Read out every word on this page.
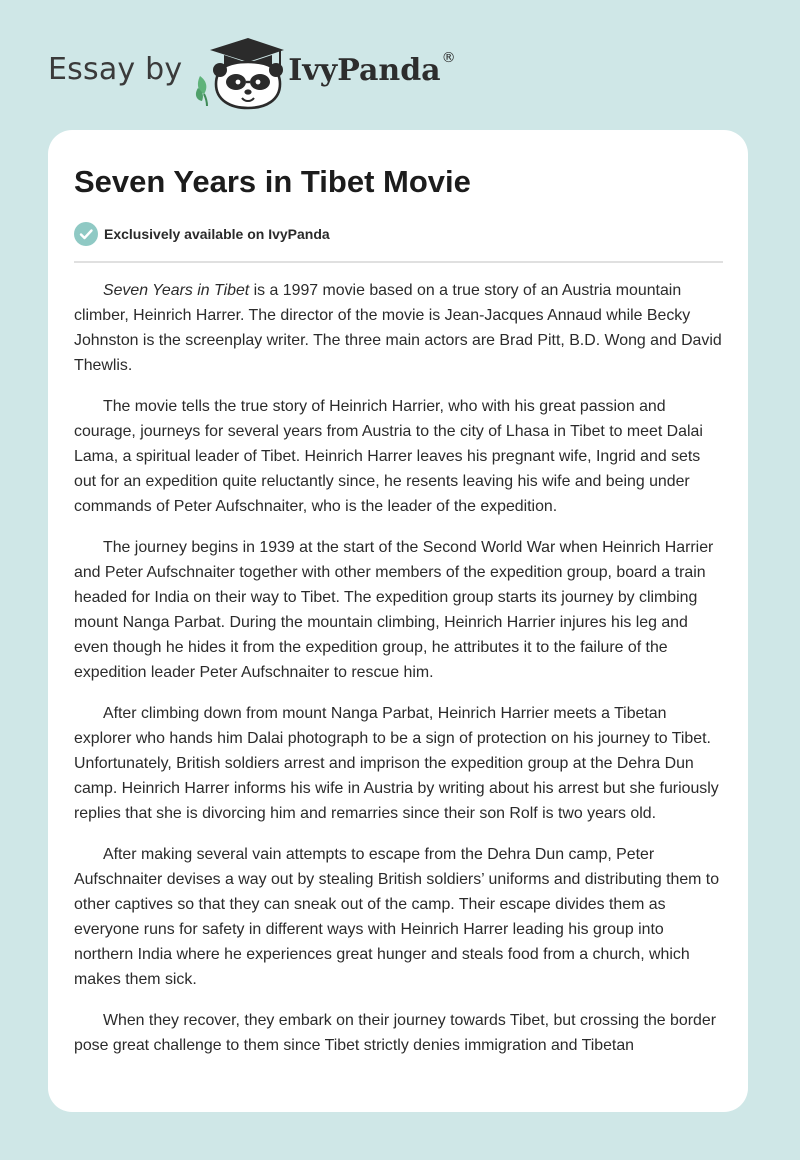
Essay by	IvyPanda ®
Seven Years in Tibet Movie
Exclusively available on IvyPanda

Seven Years in Tibet is a 1997 movie based on a true story of an Austria mountain climber, Heinrich Harrer. The director of the movie is Jean-Jacques Annaud while Becky Johnston is the screenplay writer. The three main actors are Brad Pitt, B.D. Wong and David Thewlis.

The movie tells the true story of Heinrich Harrier, who with his great passion and courage, journeys for several years from Austria to the city of Lhasa in Tibet to meet Dalai Lama, a spiritual leader of Tibet. Heinrich Harrer leaves his pregnant wife, Ingrid and sets out for an expedition quite reluctantly since, he resents leaving his wife and being under commands of Peter Aufschnaiter, who is the leader of the expedition.

The journey begins in 1939 at the start of the Second World War when Heinrich Harrier and Peter Aufschnaiter together with other members of the expedition group, board a train headed for India on their way to Tibet. The expedition group starts its journey by climbing mount Nanga Parbat. During the mountain climbing, Heinrich Harrier injures his leg and even though he hides it from the expedition group, he attributes it to the failure of the expedition leader Peter Aufschnaiter to rescue him.

After climbing down from mount Nanga Parbat, Heinrich Harrier meets a Tibetan explorer who hands him Dalai photograph to be a sign of protection on his journey to Tibet. Unfortunately, British soldiers arrest and imprison the expedition group at the Dehra Dun camp. Heinrich Harrer informs his wife in Austria by writing about his arrest but she furiously replies that she is divorcing him and remarries since their son Rolf is two years old.

After making several vain attempts to escape from the Dehra Dun camp, Peter Aufschnaiter devises a way out by stealing British soldiers’ uniforms and distributing them to other captives so that they can sneak out of the camp. Their escape divides them as everyone runs for safety in different ways with Heinrich Harrer leading his group into northern India where he experiences great hunger and steals food from a church, which makes them sick.

When they recover, they embark on their journey towards Tibet, but crossing the border pose great challenge to them since Tibet strictly denies immigration and Tibetan
